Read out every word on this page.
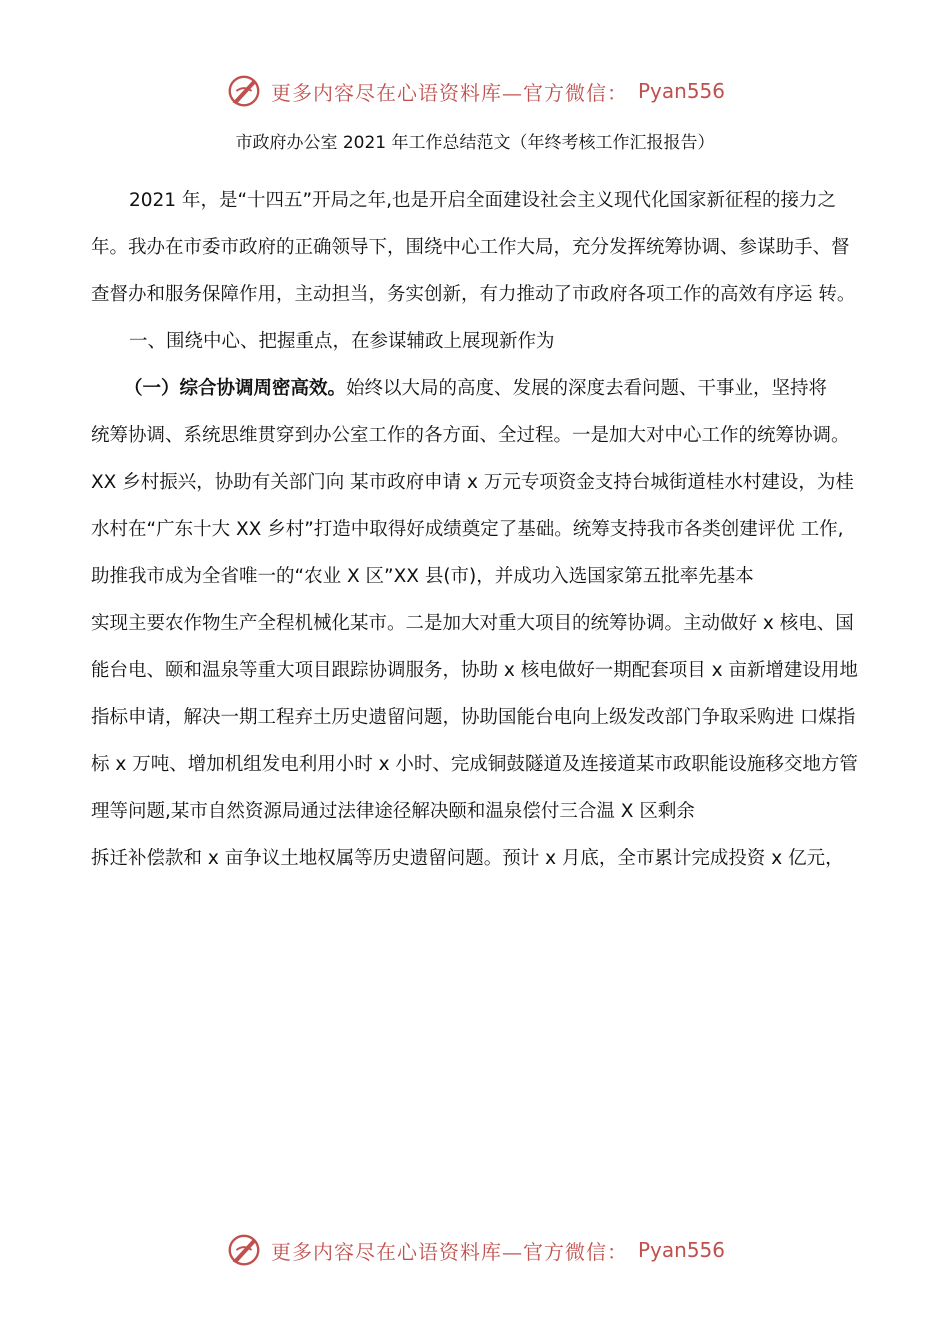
更多内容尽在心语资料库—官方微信： Pyan556
市政府办公室 2021 年工作总结范文（年终考核工作汇报报告）
2021 年，是“十四五”开局之年,也是开启全面建设社会主义现代化国家新征程的接力之
年。我办在市委市政府的正确领导下，围绕中心工作大局，充分发挥统筹协调、参谋助手、督
查督办和服务保障作用，主动担当，务实创新，有力推动了市政府各项工作的高效有序运 转。
一、围绕中心、把握重点，在参谋辅政上展现新作为
（一）综合协调周密高效。始终以大局的高度、发展的深度去看问题、干事业，坚持将
统筹协调、系统思维贯穿到办公室工作的各方面、全过程。一是加大对中心工作的统筹协调。
XX 乡村振兴，协助有关部门向 某市政府申请 x 万元专项资金支持台城街道桂水村建设，为桂
水村在“广东十大 XX 乡村”打造中取得好成绩奠定了基础。统筹支持我市各类创建评优 工作,
助推我市成为全省唯一的“农业 X 区”XX 县(市)，并成功入选国家第五批率先基本
实现主要农作物生产全程机械化某市。二是加大对重大项目的统筹协调。主动做好 x 核电、国
能台电、颐和温泉等重大项目跟踪协调服务，协助 x 核电做好一期配套项目 x 亩新增建设用地
指标申请，解决一期工程弃土历史遗留问题，协助国能台电向上级发改部门争取采购进 口煤指
标 x 万吨、增加机组发电利用小时 x 小时、完成铜鼓隧道及连接道某市政职能设施移交地方管
理等问题,某市自然资源局通过法律途径解决颐和温泉偿付三合温 X 区剩余
拆迁补偿款和 x 亩争议土地权属等历史遗留问题。预计 x 月底，全市累计完成投资 x 亿元，
更多内容尽在心语资料库—官方微信： Pyan556
